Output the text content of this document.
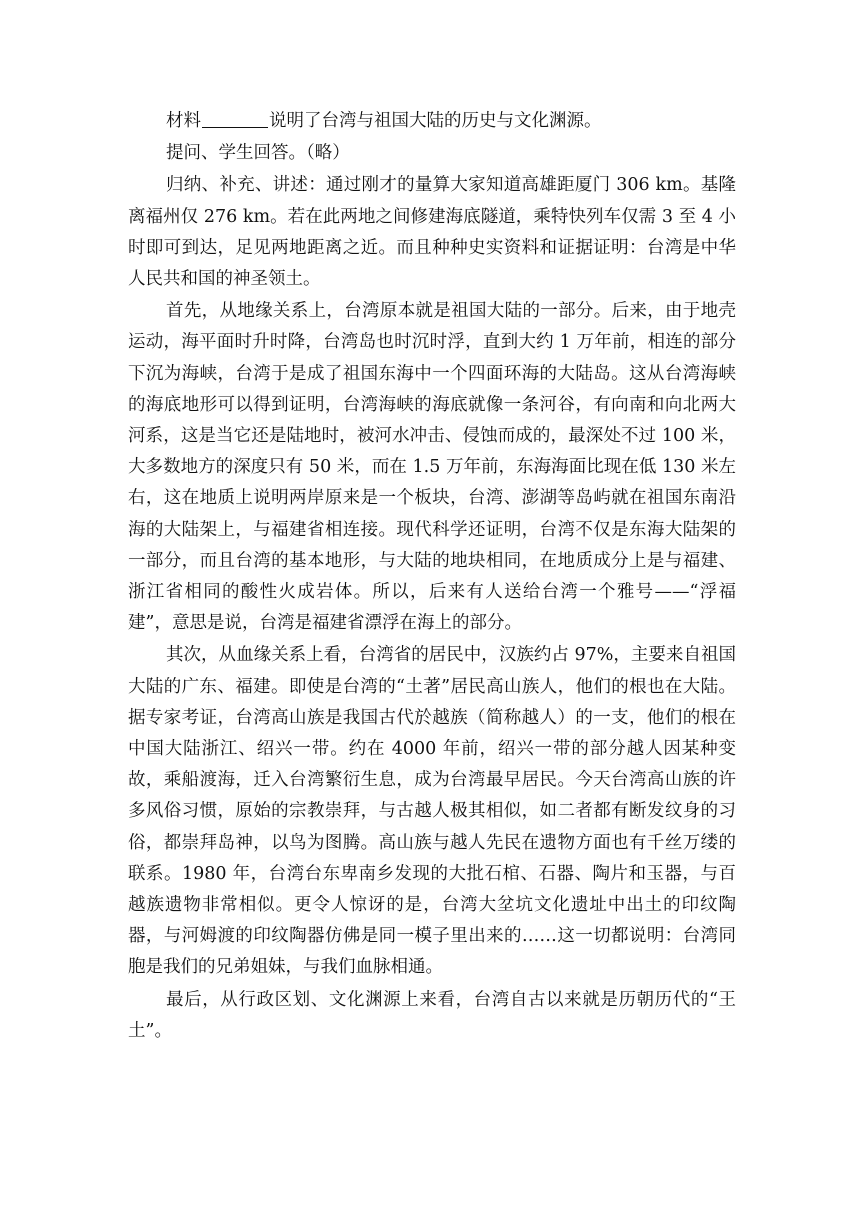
材料	说明了台湾与祖国大陆的历史与文化渊源。

提问、学生回答。（略）

归纳、补充、讲述：通过刚才的量算大家知道高雄距厦门 306 km。基隆离福州仅 276 km。若在此两地之间修建海底隧道，乘特快列车仅需 3 至 4 小时即可到达，足见两地距离之近。而且种种史实资料和证据证明：台湾是中华人民共和国的神圣领土。

首先，从地缘关系上，台湾原本就是祖国大陆的一部分。后来，由于地壳运动，海平面时升时降，台湾岛也时沉时浮，直到大约 1 万年前，相连的部分下沉为海峡，台湾于是成了祖国东海中一个四面环海的大陆岛。这从台湾海峡的海底地形可以得到证明，台湾海峡的海底就像一条河谷，有向南和向北两大河系，这是当它还是陆地时，被河水冲击、侵蚀而成的，最深处不过 100 米，大多数地方的深度只有 50 米，而在 1.5 万年前，东海海面比现在低 130 米左右，这在地质上说明两岸原来是一个板块，台湾、澎湖等岛屿就在祖国东南沿海的大陆架上，与福建省相连接。现代科学还证明，台湾不仅是东海大陆架的一部分，而且台湾的基本地形，与大陆的地块相同，在地质成分上是与福建、浙江省相同的酸性火成岩体。所以，后来有人送给台湾一个雅号——“浮福建”，意思是说，台湾是福建省漂浮在海上的部分。

其次，从血缘关系上看，台湾省的居民中，汉族约占 97%，主要来自祖国大陆的广东、福建。即使是台湾的“土著”居民高山族人，他们的根也在大陆。据专家考证，台湾高山族是我国古代於越族（简称越人）的一支，他们的根在中国大陆浙江、绍兴一带。约在 4000 年前，绍兴一带的部分越人因某种变故，乘船渡海，迁入台湾繁衍生息，成为台湾最早居民。今天台湾高山族的许多风俗习惯，原始的宗教崇拜，与古越人极其相似，如二者都有断发纹身的习俗，都崇拜岛神，以鸟为图腾。高山族与越人先民在遗物方面也有千丝万缕的联系。1980 年，台湾台东卑南乡发现的大批石棺、石器、陶片和玉器，与百越族遗物非常相似。更令人惊讶的是，台湾大坌坑文化遗址中出土的印纹陶器，与河姆渡的印纹陶器仿佛是同一模子里出来的……这一切都说明：台湾同胞是我们的兄弟姐妹，与我们血脉相通。

最后，从行政区划、文化渊源上来看，台湾自古以来就是历朝历代的“王土”。
